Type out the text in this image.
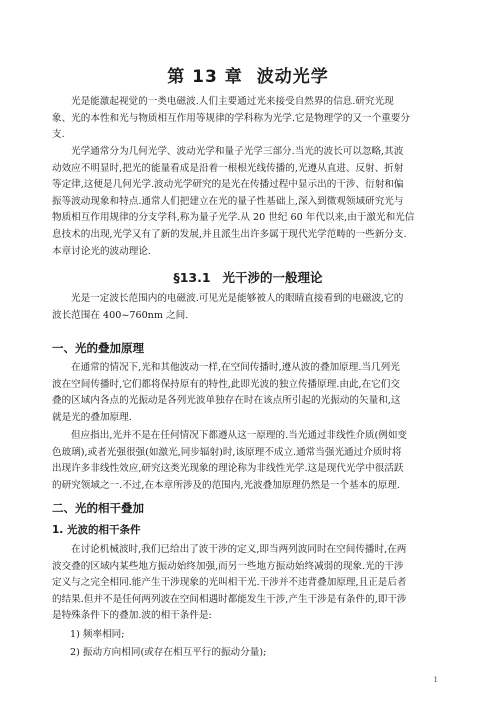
第 13 章 波动光学

光是能激起视觉的一类电磁波.人们主要通过光来接受自然界的信息.研究光现
象、光的本性和光与物质相互作用等规律的学科称为光学.它是物理学的又一个重要分
支.

光学通常分为几何光学、波动光学和量子光学三部分.当光的波长可以忽略,其波
动效应不明显时,把光的能量看成是沿着一根根光线传播的,光遵从直进、反射、折射
等定律,这便是几何光学.波动光学研究的是光在传播过程中显示出的干涉、衍射和偏
振等波动现象和特点.通常人们把建立在光的量子性基础上,深入到微观领域研究光与
物质相互作用规律的分支学科,称为量子光学.从 20 世纪 60 年代以来,由于激光和光信
息技术的出现,光学又有了新的发展,并且派生出许多属于现代光学范畴的一些新分支.
本章讨论光的波动理论.

§13.1 光干涉的一般理论

光是一定波长范围内的电磁波.可见光是能够被人的眼睛直接看到的电磁波,它的
波长范围在 400~760nm 之间.

一、光的叠加原理

在通常的情况下,光和其他波动一样,在空间传播时,遵从波的叠加原理.当几列光
波在空间传播时,它们都将保持原有的特性,此即光波的独立传播原理.由此,在它们交
叠的区域内各点的光振动是各列光波单独存在时在该点所引起的光振动的矢量和,这
就是光的叠加原理.

但应指出,光并不是在任何情况下都遵从这一原理的.当光通过非线性介质(例如变
色玻璃),或者光强很强(如激光,同步辐射)时,该原理不成立.通常当强光通过介质时将
出现许多非线性效应,研究这类光现象的理论称为非线性光学.这是现代光学中很活跃
的研究领域之一.不过,在本章所涉及的范围内,光波叠加原理仍然是一个基本的原理.

二、光的相干叠加
1. 光波的相干条件

在讨论机械波时,我们已给出了波干涉的定义,即当两列波同时在空间传播时,在两
波交叠的区域内某些地方振动始终加强,而另一些地方振动始终减弱的现象.光的干涉
定义与之完全相同.能产生干涉现象的光叫相干光.干涉并不违背叠加原理,且正是后者
的结果.但并不是任何两列波在空间相遇时都能发生干涉,产生干涉是有条件的,即干涉
是特殊条件下的叠加.波的相干条件是:

1) 频率相同;
2) 振动方向相同(或存在相互平行的振动分量);
1
